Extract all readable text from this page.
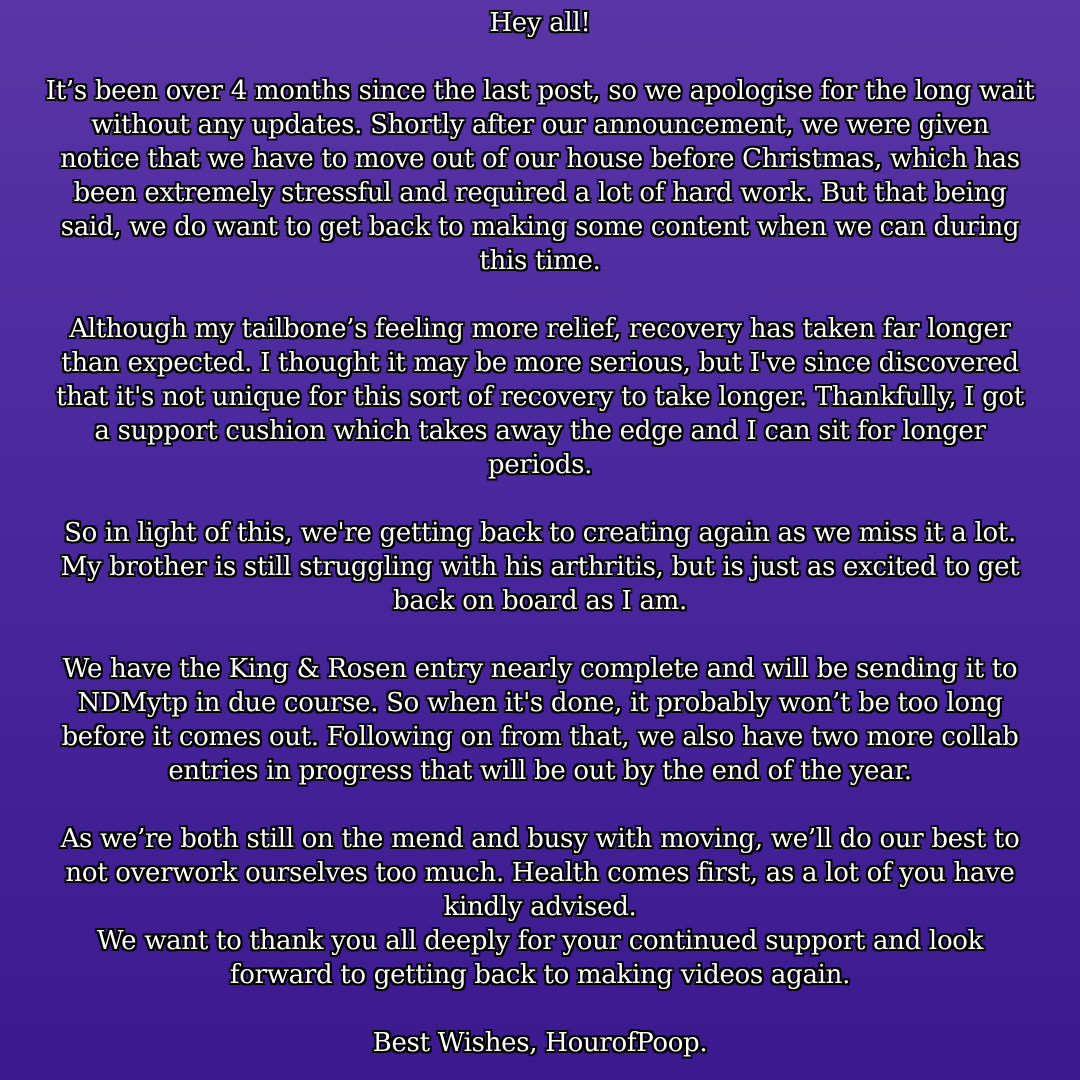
Hey all!
It’s been over 4 months since the last post, so we apologise for the long wait
without any updates. Shortly after our announcement, we were given
notice that we have to move out of our house before Christmas, which has
been extremely stressful and required a lot of hard work. But that being
said, we do want to get back to making some content when we can during
this time.
Although my tailbone’s feeling more relief, recovery has taken far longer
than expected. I thought it may be more serious, but I've since discovered
that it's not unique for this sort of recovery to take longer. Thankfully, I got
a support cushion which takes away the edge and I can sit for longer
periods.
So in light of this, we're getting back to creating again as we miss it a lot.
My brother is still struggling with his arthritis, but is just as excited to get
back on board as I am.
We have the King & Rosen entry nearly complete and will be sending it to
NDMytp in due course. So when it's done, it probably won’t be too long
before it comes out. Following on from that, we also have two more collab
entries in progress that will be out by the end of the year.
As we’re both still on the mend and busy with moving, we’ll do our best to
not overwork ourselves too much. Health comes first, as a lot of you have
kindly advised.
We want to thank you all deeply for your continued support and look
forward to getting back to making videos again.
Best Wishes, HourofPoop.
